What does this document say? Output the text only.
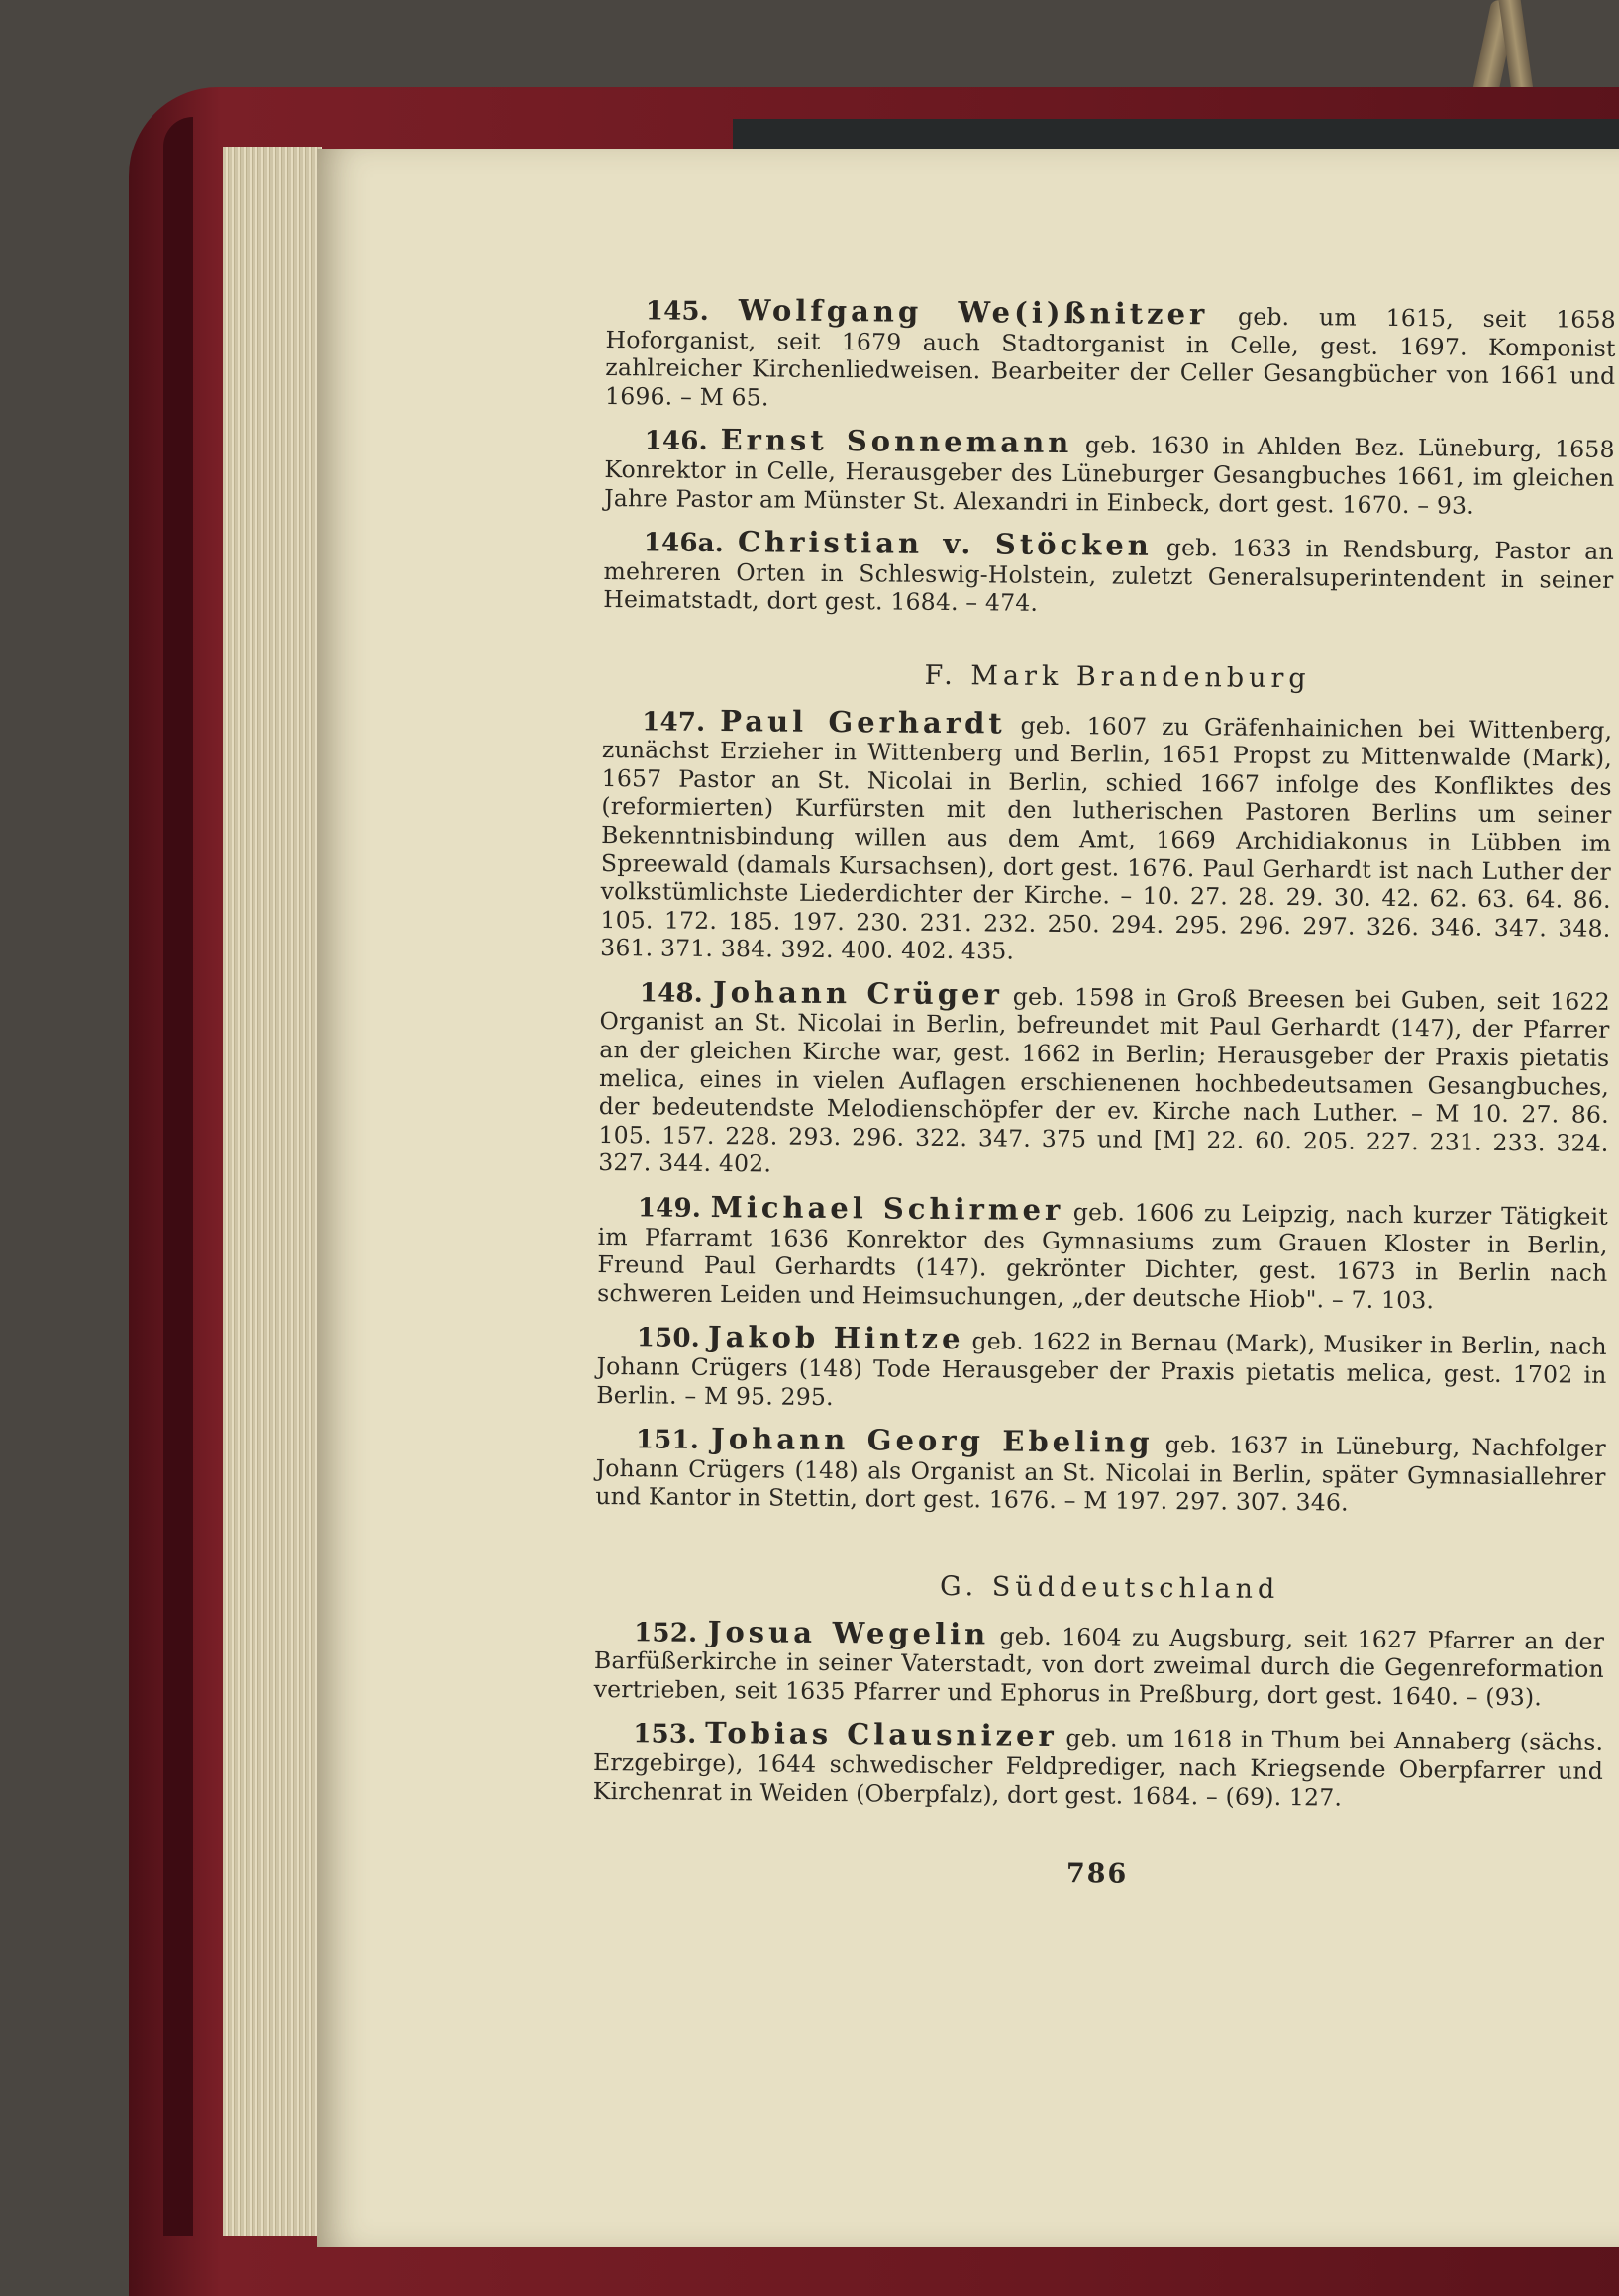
145. Wolfgang We(i)ßnitzer geb. um 1615, seit 1658 Hoforganist, seit 1679 auch Stadtorganist in Celle, gest. 1697. Komponist zahlreicher Kirchenliedweisen. Bearbeiter der Celler Gesangbücher von 1661 und 1696. – M 65.

146. Ernst Sonnemann geb. 1630 in Ahlden Bez. Lüneburg, 1658 Konrektor in Celle, Herausgeber des Lüneburger Gesangbuches 1661, im gleichen Jahre Pastor am Münster St. Alexandri in Einbeck, dort gest. 1670. – 93.

146a. Christian v. Stöcken geb. 1633 in Rendsburg, Pastor an mehreren Orten in Schleswig-Holstein, zuletzt Generalsuperintendent in seiner Heimatstadt, dort gest. 1684. – 474.

F. Mark Brandenburg

147. Paul Gerhardt geb. 1607 zu Gräfenhainichen bei Wittenberg, zunächst Erzieher in Wittenberg und Berlin, 1651 Propst zu Mittenwalde (Mark), 1657 Pastor an St. Nicolai in Berlin, schied 1667 infolge des Konfliktes des (reformierten) Kurfürsten mit den lutherischen Pastoren Berlins um seiner Bekenntnisbindung willen aus dem Amt, 1669 Archidiakonus in Lübben im Spreewald (damals Kursachsen), dort gest. 1676. Paul Gerhardt ist nach Luther der volkstümlichste Liederdichter der Kirche. – 10. 27. 28. 29. 30. 42. 62. 63. 64. 86. 105. 172. 185. 197. 230. 231. 232. 250. 294. 295. 296. 297. 326. 346. 347. 348. 361. 371. 384. 392. 400. 402. 435.

148. Johann Crüger geb. 1598 in Groß Breesen bei Guben, seit 1622 Organist an St. Nicolai in Berlin, befreundet mit Paul Gerhardt (147), der Pfarrer an der gleichen Kirche war, gest. 1662 in Berlin; Herausgeber der Praxis pietatis melica, eines in vielen Auflagen erschienenen hochbedeutsamen Gesangbuches, der bedeutendste Melodienschöpfer der ev. Kirche nach Luther. – M 10. 27. 86. 105. 157. 228. 293. 296. 322. 347. 375 und [M] 22. 60. 205. 227. 231. 233. 324. 327. 344. 402.

149. Michael Schirmer geb. 1606 zu Leipzig, nach kurzer Tätigkeit im Pfarramt 1636 Konrektor des Gymnasiums zum Grauen Kloster in Berlin, Freund Paul Gerhardts (147). gekrönter Dichter, gest. 1673 in Berlin nach schweren Leiden und Heimsuchungen, „der deutsche Hiob". – 7. 103.

150. Jakob Hintze geb. 1622 in Bernau (Mark), Musiker in Berlin, nach Johann Crügers (148) Tode Herausgeber der Praxis pietatis melica, gest. 1702 in Berlin. – M 95. 295.

151. Johann Georg Ebeling geb. 1637 in Lüneburg, Nachfolger Johann Crügers (148) als Organist an St. Nicolai in Berlin, später Gymnasiallehrer und Kantor in Stettin, dort gest. 1676. – M 197. 297. 307. 346.

G. Süddeutschland

152. Josua Wegelin geb. 1604 zu Augsburg, seit 1627 Pfarrer an der Barfüßerkirche in seiner Vaterstadt, von dort zweimal durch die Gegenreformation vertrieben, seit 1635 Pfarrer und Ephorus in Preßburg, dort gest. 1640. – (93).

153. Tobias Clausnizer geb. um 1618 in Thum bei Annaberg (sächs. Erzgebirge), 1644 schwedischer Feldprediger, nach Kriegsende Oberpfarrer und Kirchenrat in Weiden (Oberpfalz), dort gest. 1684. – (69). 127.

786
